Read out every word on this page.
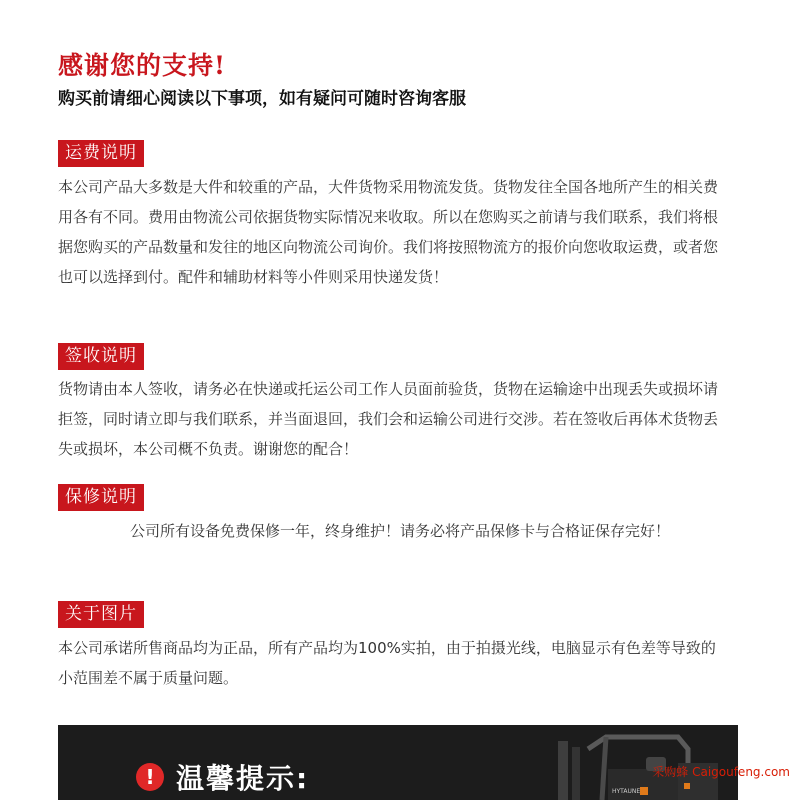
感谢您的支持!
购买前请细心阅读以下事项，如有疑问可随时咨询客服
运费说明
本公司产品大多数是大件和较重的产品，大件货物采用物流发货。货物发往全国各地所产生的相关费用各有不同。费用由物流公司依据货物实际情况来收取。所以在您购买之前请与我们联系，我们将根据您购买的产品数量和发往的地区向物流公司询价。我们将按照物流方的报价向您收取运费，或者您也可以选择到付。配件和辅助材料等小件则采用快递发货！
签收说明
货物请由本人签收，请务必在快递或托运公司工作人员面前验货，货物在运输途中出现丢失或损坏请拒签，同时请立即与我们联系，并当面退回，我们会和运输公司进行交涉。若在签收后再体术货物丢失或损坏，本公司概不负责。谢谢您的配合！
保修说明
公司所有设备免费保修一年，终身维护！请务必将产品保修卡与合格证保存完好！
关于图片
本公司承诺所售商品均为正品，所有产品均为100%实拍，由于拍摄光线，电脑显示有色差等导致的小范围差不属于质量问题。
! 温馨提示:	HYTAUNE
采购蜂 Caigoufeng.com
